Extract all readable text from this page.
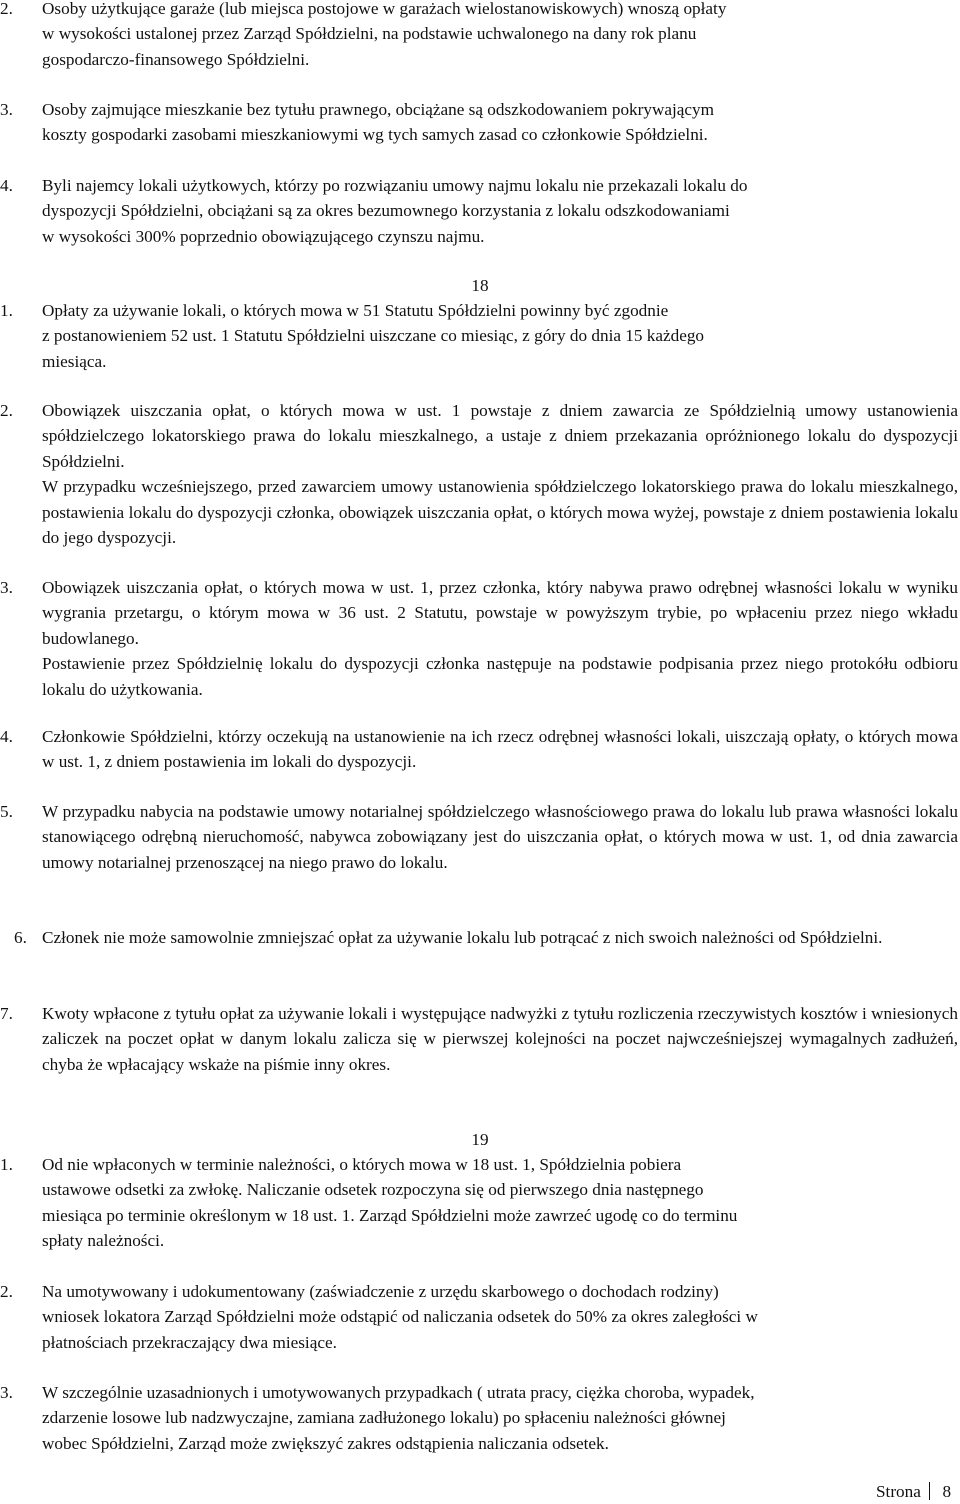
2. Osoby użytkujące garaże (lub miejsca postojowe w garażach wielostanowiskowych) wnoszą opłaty
w wysokości ustalonej przez Zarząd Spółdzielni, na podstawie uchwalonego na dany rok planu
gospodarczo-finansowego Spółdzielni.
3. Osoby zajmujące mieszkanie bez tytułu prawnego, obciążane są odszkodowaniem pokrywającym
koszty gospodarki zasobami mieszkaniowymi wg tych samych zasad co członkowie Spółdzielni.
4. Byli najemcy lokali użytkowych, którzy po rozwiązaniu umowy najmu lokalu nie przekazali lokalu do
dyspozycji Spółdzielni, obciążani są za okres bezumownego korzystania z lokalu odszkodowaniami
w wysokości 300% poprzednio obowiązującego czynszu najmu.
18
1. Opłaty za używanie lokali, o których mowa w 51 Statutu Spółdzielni powinny być zgodnie
z postanowieniem 52 ust. 1 Statutu Spółdzielni uiszczane co miesiąc, z góry do dnia 15 każdego
miesiąca.
2. Obowiązek uiszczania opłat, o których mowa w ust. 1 powstaje z dniem zawarcia ze Spółdzielnią umowy ustanowienia spółdzielczego lokatorskiego prawa do lokalu mieszkalnego, a ustaje z dniem przekazania opróżnionego lokalu do dyspozycji Spółdzielni.
W przypadku wcześniejszego, przed zawarciem umowy ustanowienia spółdzielczego lokatorskiego prawa do lokalu mieszkalnego, postawienia lokalu do dyspozycji członka, obowiązek uiszczania opłat, o których mowa wyżej, powstaje z dniem postawienia lokalu do jego dyspozycji.
3. Obowiązek uiszczania opłat, o których mowa w ust. 1, przez członka, który nabywa prawo odrębnej własności lokalu w wyniku wygrania przetargu, o którym mowa w 36 ust. 2 Statutu, powstaje w powyższym trybie, po wpłaceniu przez niego wkładu budowlanego.
Postawienie przez Spółdzielnię lokalu do dyspozycji członka następuje na podstawie podpisania przez niego protokółu odbioru lokalu do użytkowania.
4. Członkowie Spółdzielni, którzy oczekują na ustanowienie na ich rzecz odrębnej własności lokali, uiszczają opłaty, o których mowa w ust. 1, z dniem postawienia im lokali do dyspozycji.
5. W przypadku nabycia na podstawie umowy notarialnej spółdzielczego własnościowego prawa do lokalu lub prawa własności lokalu stanowiącego odrębną nieruchomość, nabywca zobowiązany jest do uiszczania opłat, o których mowa w ust. 1, od dnia zawarcia umowy notarialnej przenoszącej na niego prawo do lokalu.
6. Członek nie może samowolnie zmniejszać opłat za używanie lokalu lub potrącać z nich swoich należności od Spółdzielni.
7. Kwoty wpłacone z tytułu opłat za używanie lokali i występujące nadwyżki z tytułu rozliczenia rzeczywistych kosztów i wniesionych zaliczek na poczet opłat w danym lokalu zalicza się w pierwszej kolejności na poczet najwcześniejszej wymagalnych zadłużeń, chyba że wpłacający wskaże na piśmie inny okres.
19
1. Od nie wpłaconych w terminie należności, o których mowa w 18 ust. 1, Spółdzielnia pobiera
ustawowe odsetki za zwłokę. Naliczanie odsetek rozpoczyna się od pierwszego dnia następnego
miesiąca po terminie określonym w 18 ust. 1. Zarząd Spółdzielni może zawrzeć ugodę co do terminu
spłaty należności.
2. Na umotywowany i udokumentowany (zaświadczenie z urzędu skarbowego o dochodach rodziny)
wniosek lokatora Zarząd Spółdzielni może odstąpić od naliczania odsetek do 50% za okres zaległości w
płatnościach przekraczający dwa miesiące.
3. W szczególnie uzasadnionych i umotywowanych przypadkach ( utrata pracy, ciężka choroba, wypadek,
zdarzenie losowe lub nadzwyczajne, zamiana zadłużonego lokalu) po spłaceniu należności głównej
wobec Spółdzielni, Zarząd może zwiększyć zakres odstąpienia naliczania odsetek.
Strona 8
